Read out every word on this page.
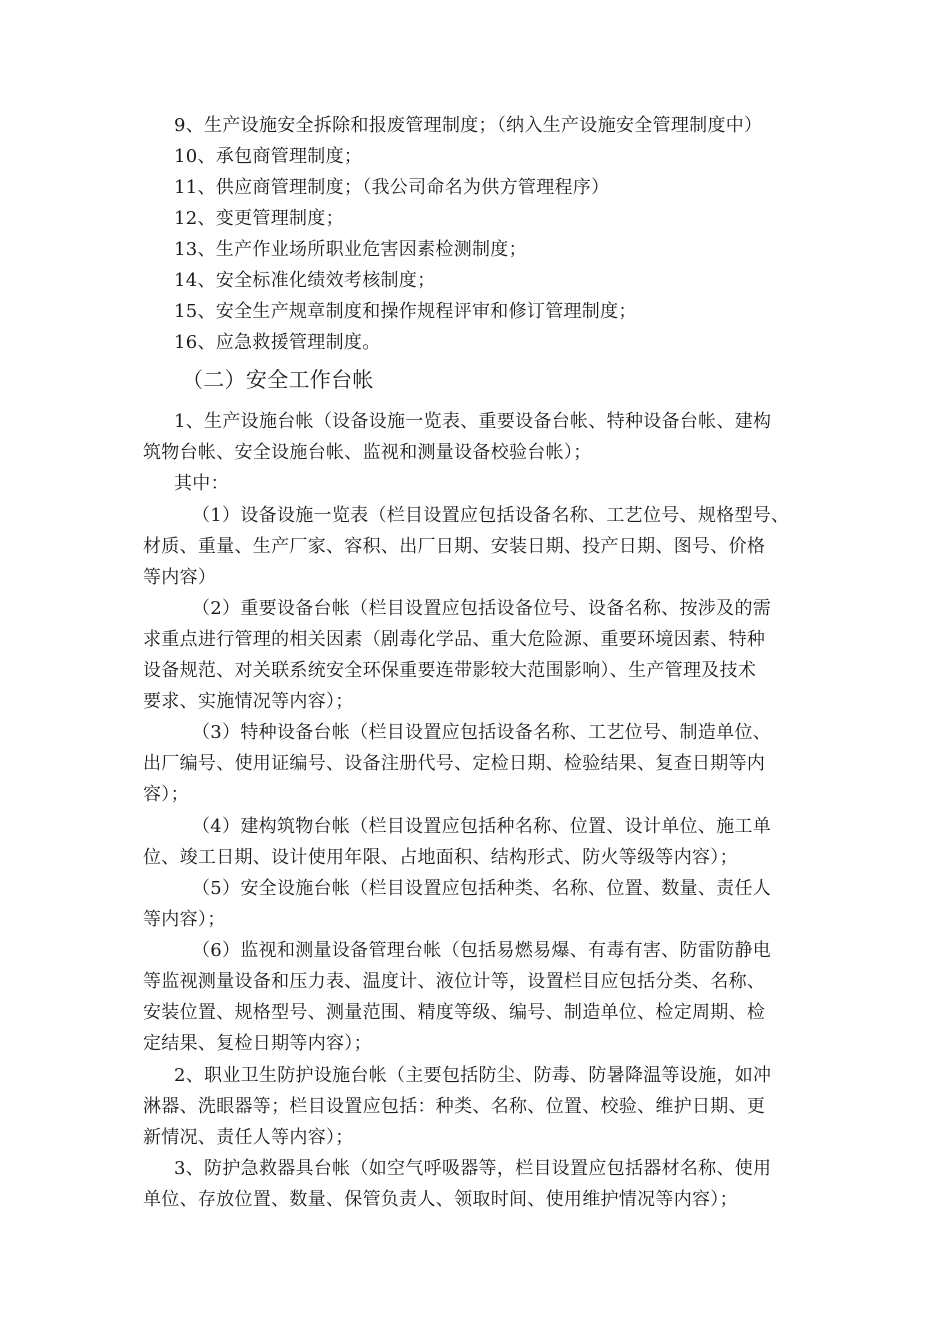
9、生产设施安全拆除和报废管理制度；（纳入生产设施安全管理制度中）
10、承包商管理制度；
11、供应商管理制度；（我公司命名为供方管理程序）
12、变更管理制度；
13、生产作业场所职业危害因素检测制度；
14、安全标准化绩效考核制度；
15、安全生产规章制度和操作规程评审和修订管理制度；
16、应急救援管理制度。
（二）安全工作台帐
1、生产设施台帐（设备设施一览表、重要设备台帐、特种设备台帐、建构
筑物台帐、安全设施台帐、监视和测量设备校验台帐）；
其中：
（1）设备设施一览表（栏目设置应包括设备名称、工艺位号、规格型号、
材质、重量、生产厂家、容积、出厂日期、安装日期、投产日期、图号、价格
等内容）
（2）重要设备台帐（栏目设置应包括设备位号、设备名称、按涉及的需
求重点进行管理的相关因素（剧毒化学品、重大危险源、重要环境因素、特种
设备规范、对关联系统安全环保重要连带影较大范围影响）、生产管理及技术
要求、实施情况等内容）；
（3）特种设备台帐（栏目设置应包括设备名称、工艺位号、制造单位、
出厂编号、使用证编号、设备注册代号、定检日期、检验结果、复查日期等内
容）；
（4）建构筑物台帐（栏目设置应包括种名称、位置、设计单位、施工单
位、竣工日期、设计使用年限、占地面积、结构形式、防火等级等内容）；
（5）安全设施台帐（栏目设置应包括种类、名称、位置、数量、责任人
等内容）；
（6）监视和测量设备管理台帐（包括易燃易爆、有毒有害、防雷防静电
等监视测量设备和压力表、温度计、液位计等，设置栏目应包括分类、名称、
安装位置、规格型号、测量范围、精度等级、编号、制造单位、检定周期、检
定结果、复检日期等内容）；
2、职业卫生防护设施台帐（主要包括防尘、防毒、防暑降温等设施，如冲
淋器、洗眼器等；栏目设置应包括：种类、名称、位置、校验、维护日期、更
新情况、责任人等内容）；
3、防护急救器具台帐（如空气呼吸器等，栏目设置应包括器材名称、使用
单位、存放位置、数量、保管负责人、领取时间、使用维护情况等内容）；
